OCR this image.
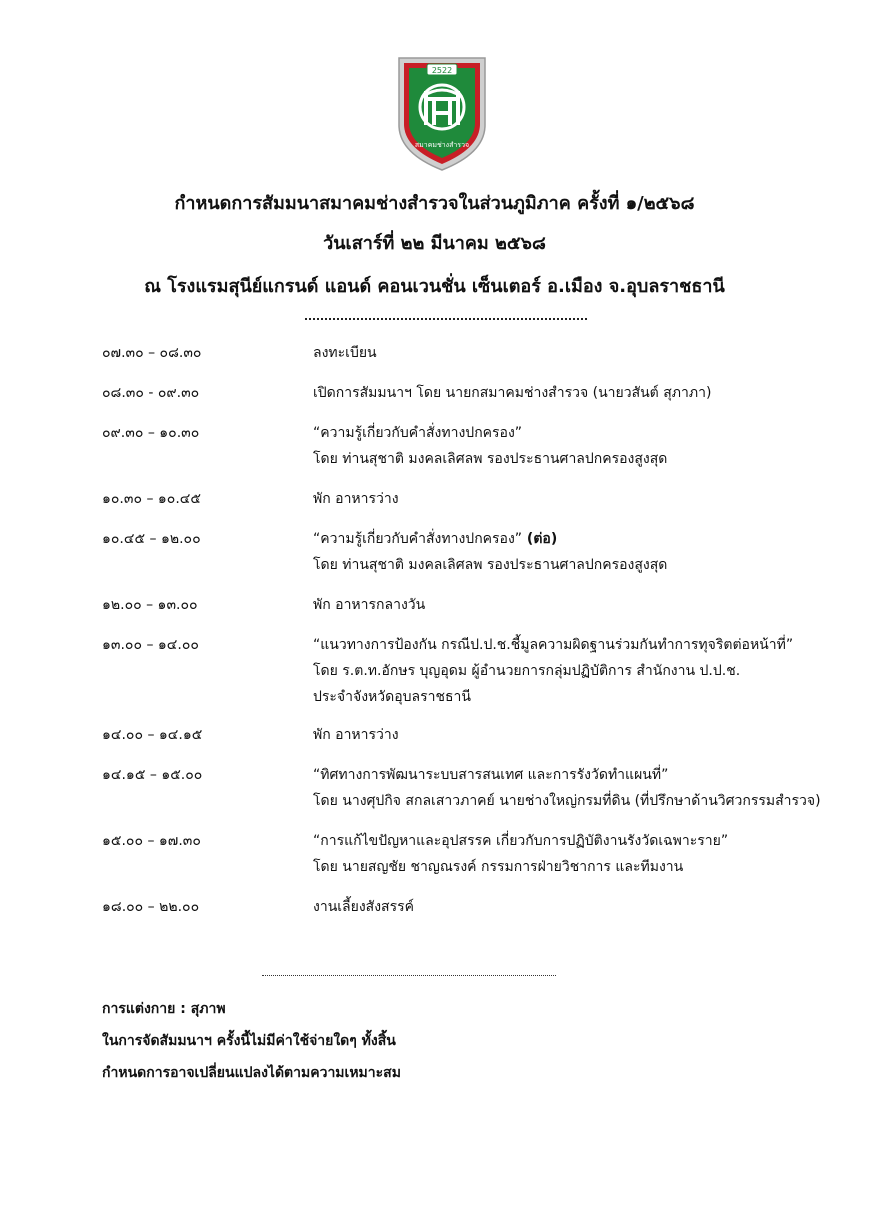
2522
สมาคมช่างสำรวจ
กำหนดการสัมมนาสมาคมช่างสำรวจในส่วนภูมิภาค ครั้งที่ ๑/๒๕๖๘
วันเสาร์ที่ ๒๒ มีนาคม ๒๕๖๘
ณ โรงแรมสุนีย์แกรนด์ แอนด์ คอนเวนชั่น เซ็นเตอร์ อ.เมือง จ.อุบลราชธานี
๐๗.๓๐ – ๐๘.๓๐	ลงทะเบียน
๐๘.๓๐ - ๐๙.๓๐	เปิดการสัมมนาฯ โดย นายกสมาคมช่างสำรวจ (นายวสันต์ สุภาภา)
๐๙.๓๐ – ๑๐.๓๐	“ความรู้เกี่ยวกับคำสั่งทางปกครอง”
โดย ท่านสุชาติ มงคลเลิศลพ รองประธานศาลปกครองสูงสุด
๑๐.๓๐ – ๑๐.๔๕	พัก อาหารว่าง
๑๐.๔๕ – ๑๒.๐๐	“ความรู้เกี่ยวกับคำสั่งทางปกครอง” (ต่อ)
โดย ท่านสุชาติ มงคลเลิศลพ รองประธานศาลปกครองสูงสุด
๑๒.๐๐ – ๑๓.๐๐	พัก อาหารกลางวัน
๑๓.๐๐ – ๑๔.๐๐	“แนวทางการป้องกัน กรณีป.ป.ช.ชี้มูลความผิดฐานร่วมกันทำการทุจริตต่อหน้าที่”
โดย ร.ต.ท.อักษร บุญอุดม ผู้อำนวยการกลุ่มปฏิบัติการ สำนักงาน ป.ป.ช.
ประจำจังหวัดอุบลราชธานี
๑๔.๐๐ – ๑๔.๑๕	พัก อาหารว่าง
๑๔.๑๕ – ๑๕.๐๐	“ทิศทางการพัฒนาระบบสารสนเทศ และการรังวัดทำแผนที่”
โดย นางศุปกิจ สกลเสาวภาคย์ นายช่างใหญ่กรมที่ดิน (ที่ปรึกษาด้านวิศวกรรมสำรวจ)
๑๕.๐๐ – ๑๗.๓๐	“การแก้ไขปัญหาและอุปสรรค เกี่ยวกับการปฏิบัติงานรังวัดเฉพาะราย”
โดย นายสญชัย ชาญณรงค์ กรรมการฝ่ายวิชาการ และทีมงาน
๑๘.๐๐ – ๒๒.๐๐	งานเลี้ยงสังสรรค์
การแต่งกาย : สุภาพ
ในการจัดสัมมนาฯ ครั้งนี้ไม่มีค่าใช้จ่ายใดๆ ทั้งสิ้น
กำหนดการอาจเปลี่ยนแปลงได้ตามความเหมาะสม
